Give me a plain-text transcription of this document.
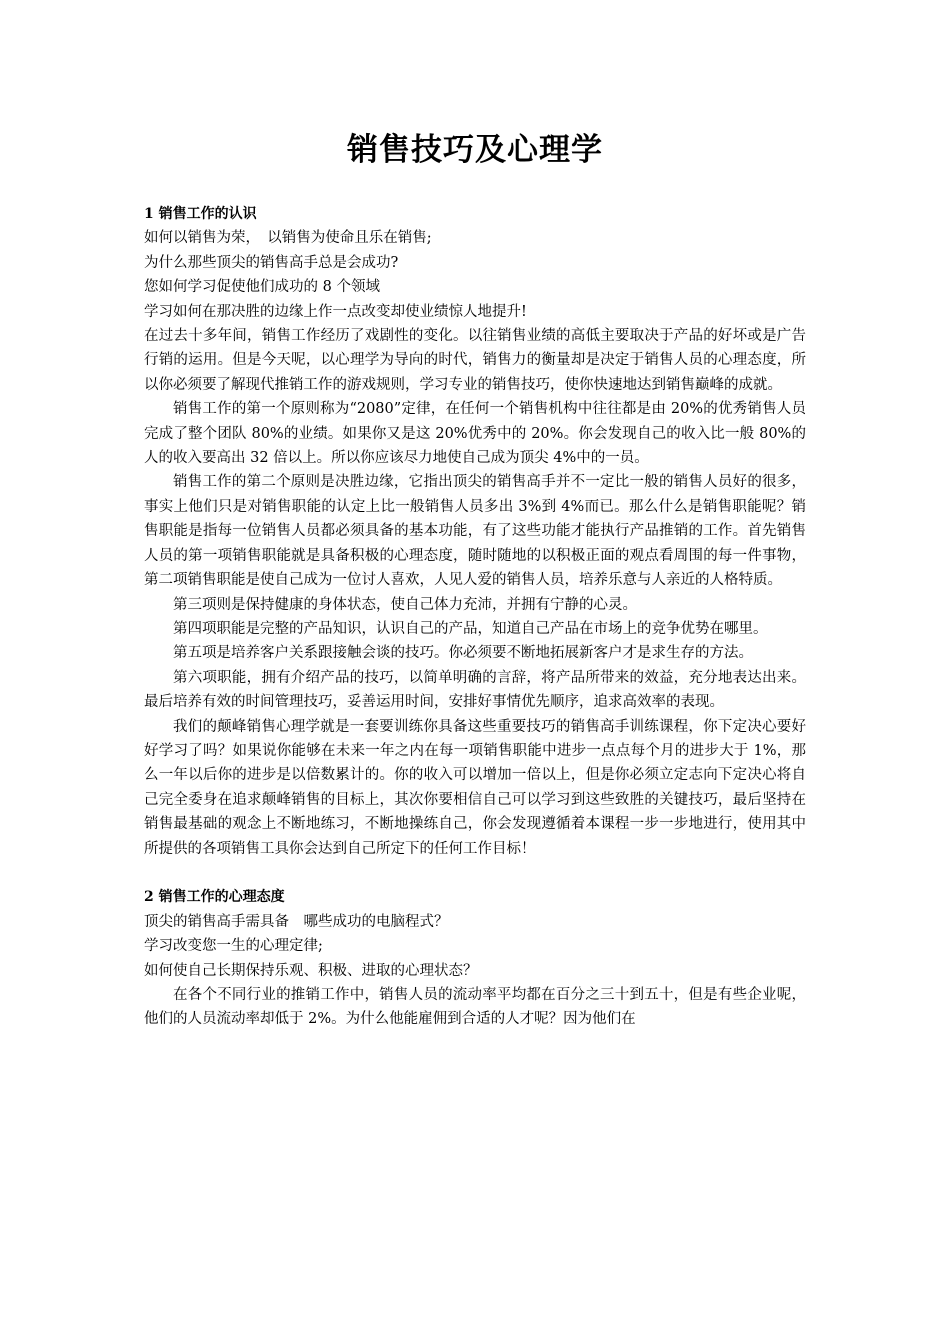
销售技巧及心理学
1 销售工作的认识
如何以销售为荣，　以销售为使命且乐在销售;
为什么那些顶尖的销售高手总是会成功?
您如何学习促使他们成功的 8 个领域
学习如何在那决胜的边缘上作一点改变却使业绩惊人地提升!
在过去十多年间，销售工作经历了戏剧性的变化。以往销售业绩的高低主要取决于产品的好坏或是广告行销的运用。但是今天呢，以心理学为导向的时代，销售力的衡量却是决定于销售人员的心理态度，所以你必须要了解现代推销工作的游戏规则，学习专业的销售技巧，使你快速地达到销售巅峰的成就。
销售工作的第一个原则称为“2080”定律，在任何一个销售机构中往往都是由 20%的优秀销售人员完成了整个团队 80%的业绩。如果你又是这 20%优秀中的 20%。你会发现自己的收入比一般 80%的人的收入要高出 32 倍以上。所以你应该尽力地使自己成为顶尖 4%中的一员。
销售工作的第二个原则是决胜边缘，它指出顶尖的销售高手并不一定比一般的销售人员好的很多，事实上他们只是对销售职能的认定上比一般销售人员多出 3%到 4%而已。那么什么是销售职能呢？销售职能是指每一位销售人员都必须具备的基本功能，有了这些功能才能执行产品推销的工作。首先销售人员的第一项销售职能就是具备积极的心理态度，随时随地的以积极正面的观点看周围的每一件事物，第二项销售职能是使自己成为一位讨人喜欢，人见人爱的销售人员，培养乐意与人亲近的人格特质。
第三项则是保持健康的身体状态，使自己体力充沛，并拥有宁静的心灵。
第四项职能是完整的产品知识，认识自己的产品，知道自己产品在市场上的竞争优势在哪里。
第五项是培养客户关系跟接触会谈的技巧。你必须要不断地拓展新客户才是求生存的方法。
第六项职能，拥有介绍产品的技巧，以简单明确的言辞，将产品所带来的效益，充分地表达出来。最后培养有效的时间管理技巧，妥善运用时间，安排好事情优先顺序，追求高效率的表现。
我们的颠峰销售心理学就是一套要训练你具备这些重要技巧的销售高手训练课程，你下定决心要好好学习了吗？如果说你能够在未来一年之内在每一项销售职能中进步一点点每个月的进步大于 1%，那么一年以后你的进步是以倍数累计的。你的收入可以增加一倍以上，但是你必须立定志向下定决心将自己完全委身在追求颠峰销售的目标上，其次你要相信自己可以学习到这些致胜的关键技巧，最后坚持在销售最基础的观念上不断地练习，不断地操练自己，你会发现遵循着本课程一步一步地进行，使用其中所提供的各项销售工具你会达到自己所定下的任何工作目标！
2 销售工作的心理态度
顶尖的销售高手需具备　哪些成功的电脑程式？
学习改变您一生的心理定律;
如何使自己长期保持乐观、积极、进取的心理状态？
在各个不同行业的推销工作中，销售人员的流动率平均都在百分之三十到五十，但是有些企业呢，他们的人员流动率却低于 2%。为什么他能雇佣到合适的人才呢？因为他们在
